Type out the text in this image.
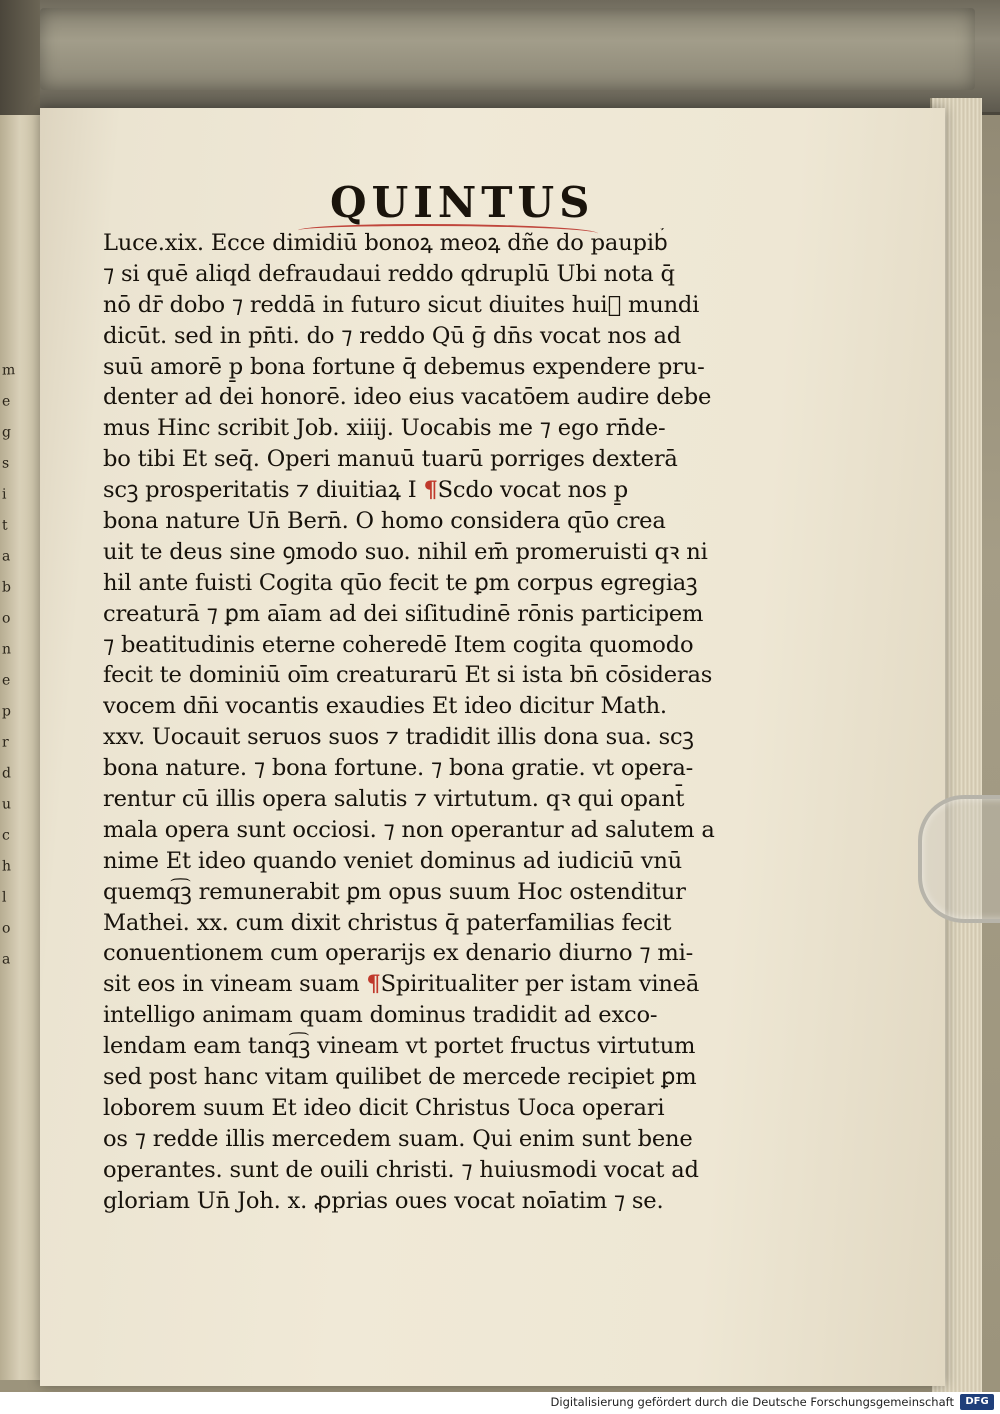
m
e
g
s
i
t
a
b
o
n
e
p
r
d
u
c
h
l
o
a
QUINTUS
Luce.xix. Ecce dimidiū bonoꝝ meoꝝ dñe do paupib᷒
⁊ si quē aliqd defraudaui reddo qdruplū Ubi nota q̄
nō dr̄ dobo ⁊ reddā in futuro sicut diuites hui᷒ mundi
dicūt. sed in pn̄ti. do ⁊ reddo Qū ḡ dn̄s vocat nos ad
suū amorē p̱ bona fortune q̄ debemus expendere pru-
denter ad dei honorē. ideo eius vacatōem audire debe
mus Hinc scribit Job. xiiij. Uocabis me ⁊ ego rn̄de-
bo tibi Et seq̄. Operi manuū tuarū porriges dexterā
scꝫ prosperitatis ⁊ diuitiaꝝ I ¶Scdo vocat nos p̱
bona nature Un̄ Bern̄. O homo considera qūo crea
uit te deus sine ꝯmodo suo. nihil em̄ promeruisti qꝛ ni
hil ante fuisti Cogita qūo fecit te ꝑm corpus egregiaꝫ
creaturā ⁊ ꝑm aīam ad dei siſitudinē rōnis participem
⁊ beatitudinis eterne coheredē Item cogita quomodo
fecit te dominiū oīm creaturarū Et si ista bn̄ cōsideras
vocem dn̄i vocantis exaudies Et ideo dicitur Math.
xxv. Uocauit seruos suos ⁊ tradidit illis dona sua. scꝫ
bona nature. ⁊ bona fortune. ⁊ bona gratie. vt opera-
rentur cū illis opera salutis ⁊ virtutum. qꝛ qui opant̄
mala opera sunt occiosi. ⁊ non operantur ad salutem a
nime Et ideo quando veniet dominus ad iudiciū vnū
quemq͡ꝫ remunerabit ꝑm opus suum Hoc ostenditur
Mathei. xx. cum dixit christus q̄ paterfamilias fecit
conuentionem cum operarijs ex denario diurno ⁊ mi-
sit eos in vineam suam ¶Spiritualiter per istam vineā
intelligo animam quam dominus tradidit ad exco-
lendam eam tanq͡ꝫ vineam vt portet fructus virtutum
sed post hanc vitam quilibet de mercede recipiet ꝑm
loborem suum Et ideo dicit Christus Uoca operari
os ⁊ redde illis mercedem suam. Qui enim sunt bene
operantes. sunt de ouili christi. ⁊ huiusmodi vocat ad
gloriam Un̄ Joh. x. ꝓprias oues vocat noīatim ⁊ se.
Digitalisierung gefördert durch die Deutsche Forschungsgemeinschaft	DFG
